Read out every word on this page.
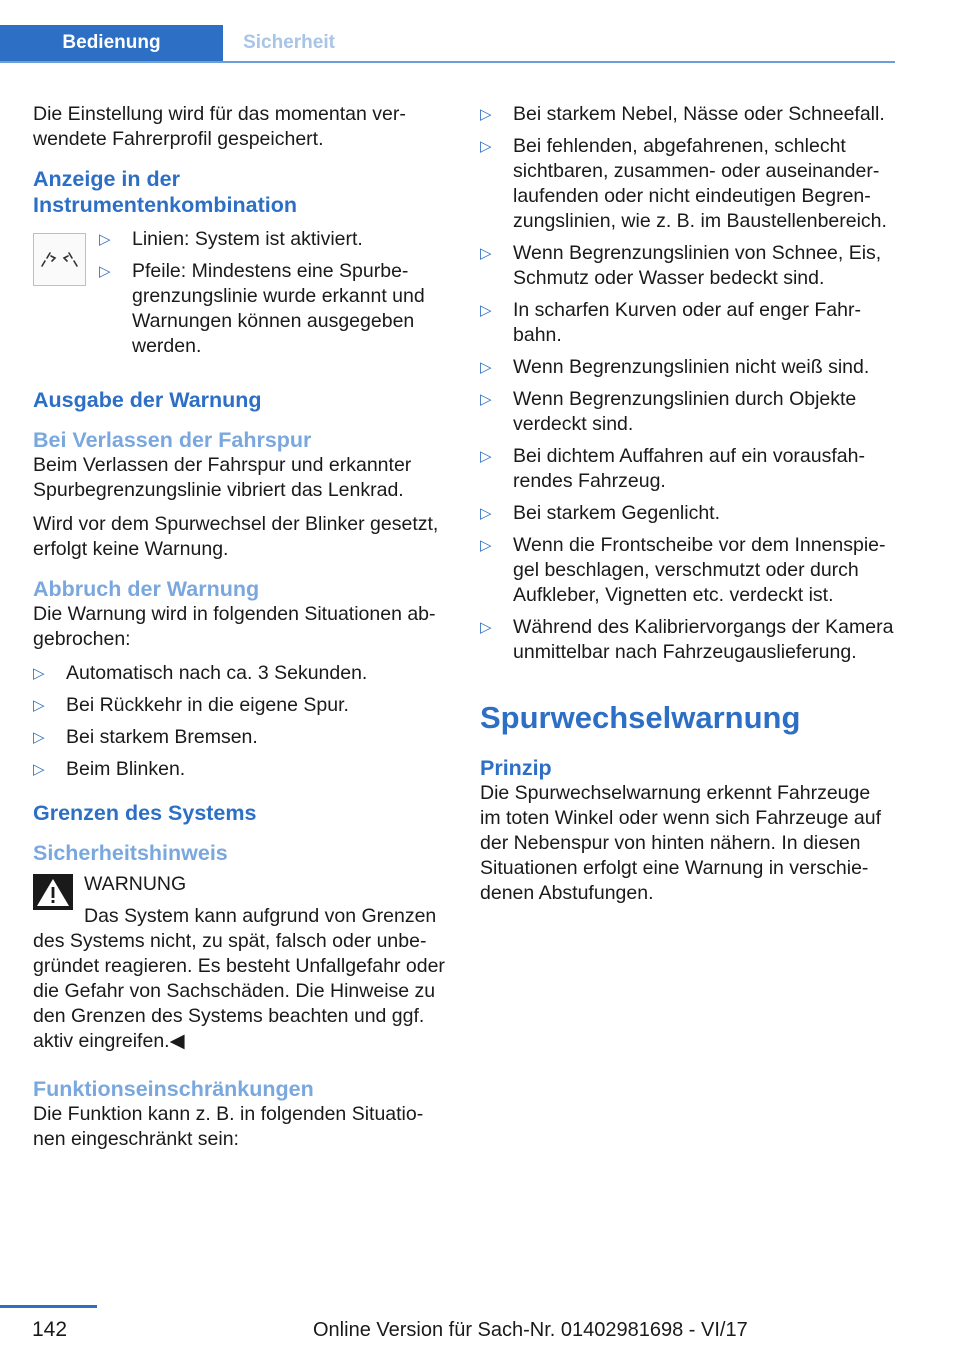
Bedienung	Sicherheit

Die Einstellung wird für das momentan verwendete Fahrerprofil gespeichert.

Anzeige in der Instrumentenkombination

▷ Linien: System ist aktiviert.
▷ Pfeile: Mindestens eine Spurbegrenzungslinie wurde erkannt und Warnungen können ausgegeben werden.

Ausgabe der Warnung

Bei Verlassen der Fahrspur

Beim Verlassen der Fahrspur und erkannter Spurbegrenzungslinie vibriert das Lenkrad.

Wird vor dem Spurwechsel der Blinker gesetzt, erfolgt keine Warnung.

Abbruch der Warnung

Die Warnung wird in folgenden Situationen abgebrochen:

▷ Automatisch nach ca. 3 Sekunden.
▷ Bei Rückkehr in die eigene Spur.
▷ Bei starkem Bremsen.
▷ Beim Blinken.

Grenzen des Systems

Sicherheitshinweis

WARNUNG

Das System kann aufgrund von Grenzen des Systems nicht, zu spät, falsch oder unbegründet reagieren. Es besteht Unfallgefahr oder die Gefahr von Sachschäden. Die Hinweise zu den Grenzen des Systems beachten und ggf. aktiv eingreifen.◀

Funktionseinschränkungen

Die Funktion kann z. B. in folgenden Situationen eingeschränkt sein:

▷ Bei starkem Nebel, Nässe oder Schneefall.
▷ Bei fehlenden, abgefahrenen, schlecht sichtbaren, zusammen- oder auseinanderlaufenden oder nicht eindeutigen Begrenzungslinien, wie z. B. im Baustellenbereich.
▷ Wenn Begrenzungslinien von Schnee, Eis, Schmutz oder Wasser bedeckt sind.
▷ In scharfen Kurven oder auf enger Fahrbahn.
▷ Wenn Begrenzungslinien nicht weiß sind.
▷ Wenn Begrenzungslinien durch Objekte verdeckt sind.
▷ Bei dichtem Auffahren auf ein vorausfahrendes Fahrzeug.
▷ Bei starkem Gegenlicht.
▷ Wenn die Frontscheibe vor dem Innenspiegel beschlagen, verschmutzt oder durch Aufkleber, Vignetten etc. verdeckt ist.
▷ Während des Kalibriervorgangs der Kamera unmittelbar nach Fahrzeugauslieferung.

Spurwechselwarnung

Prinzip

Die Spurwechselwarnung erkennt Fahrzeuge im toten Winkel oder wenn sich Fahrzeuge auf der Nebenspur von hinten nähern. In diesen Situationen erfolgt eine Warnung in verschiedenen Abstufungen.

142	Online Version für Sach-Nr. 01402981698 - VI/17
